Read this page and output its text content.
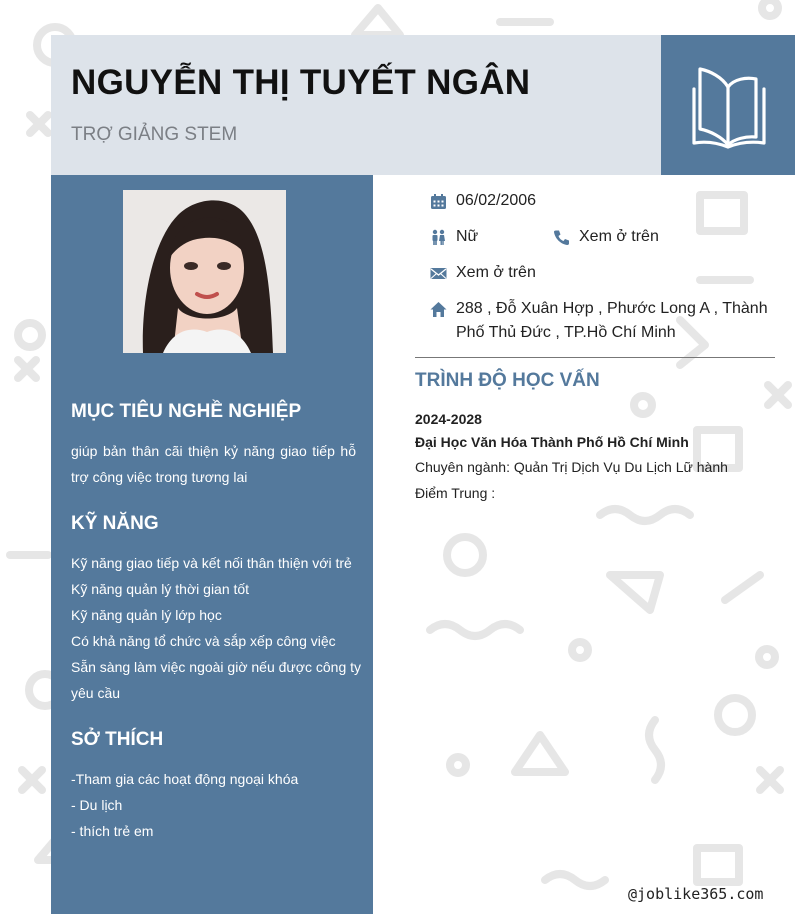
NGUYỄN THỊ TUYẾT NGÂN

TRỢ GIẢNG STEM

MỤC TIÊU NGHỀ NGHIỆP
giúp bản thân cãi thiện kỷ năng giao tiếp hỗ trợ công việc trong tương lai
KỸ NĂNG
Kỹ năng giao tiếp và kết nối thân thiện với trẻ
Kỹ năng quản lý thời gian tốt
Kỹ năng quản lý lớp học
Có khả năng tổ chức và sắp xếp công việc
Sẵn sàng làm việc ngoài giờ nếu được công ty
yêu cầu
SỞ THÍCH
-Tham gia các hoạt động ngoại khóa
- Du lịch
- thích trẻ em
06/02/2006
Nữ	Xem ở trên
Xem ở trên
288 , Đỗ Xuân Hợp , Phước Long A , Thành
Phố Thủ Đức , TP.Hồ Chí Minh
TRÌNH ĐỘ HỌC VẤN
2024-2028
Đại Học Văn Hóa Thành Phố Hồ Chí Minh
Chuyên ngành: Quản Trị Dịch Vụ Du Lịch Lữ hành
Điểm Trung :
@joblike365.com
